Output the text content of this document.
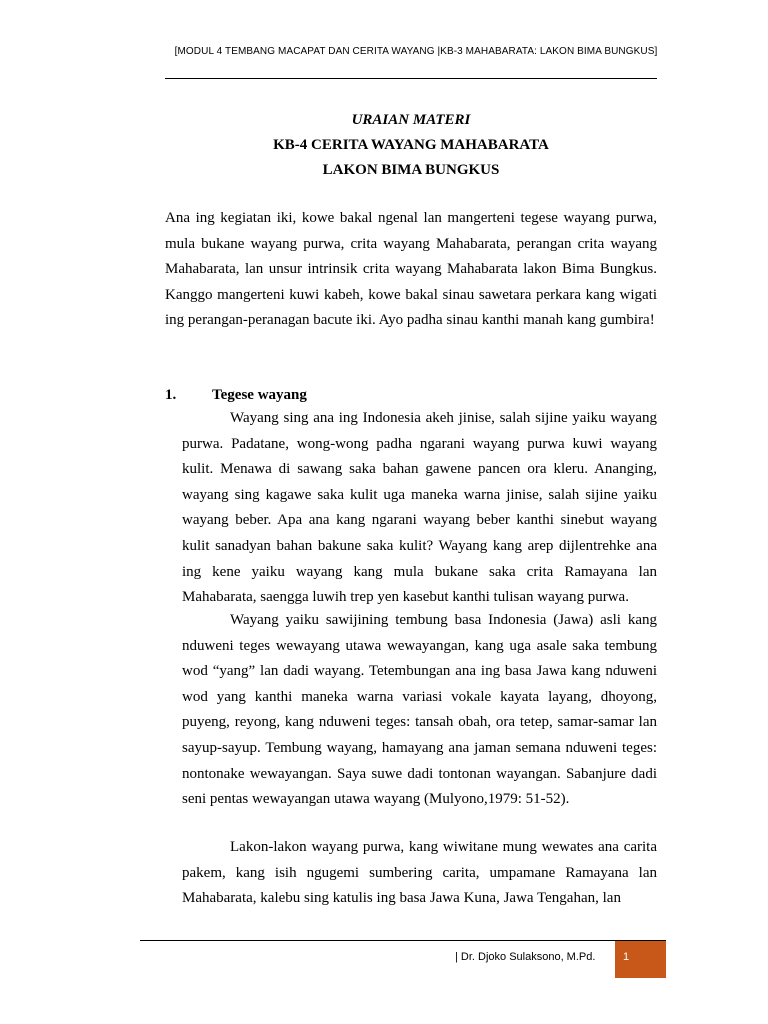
[MODUL 4 TEMBANG MACAPAT DAN CERITA WAYANG |KB-3 MAHABARATA: LAKON BIMA BUNGKUS]
URAIAN MATERI
KB-4 CERITA WAYANG MAHABARATA
LAKON BIMA BUNGKUS

Ana ing kegiatan iki, kowe bakal ngenal lan mangerteni tegese wayang purwa, mula bukane wayang purwa, crita wayang Mahabarata, perangan crita wayang Mahabarata, lan unsur intrinsik crita wayang Mahabarata lakon Bima Bungkus. Kanggo mangerteni kuwi kabeh, kowe bakal sinau sawetara perkara kang wigati ing perangan-peranagan bacute iki. Ayo padha sinau kanthi manah kang gumbira!

1. Tegese wayang

Wayang sing ana ing Indonesia akeh jinise, salah sijine yaiku wayang purwa. Padatane, wong-wong padha ngarani wayang purwa kuwi wayang kulit. Menawa di sawang saka bahan gawene pancen ora kleru. Ananging, wayang sing kagawe saka kulit uga maneka warna jinise, salah sijine yaiku wayang beber. Apa ana kang ngarani wayang beber kanthi sinebut wayang kulit sanadyan bahan bakune saka kulit? Wayang kang arep dijlentrehke ana ing kene yaiku wayang kang mula bukane saka crita Ramayana lan Mahabarata, saengga luwih trep yen kasebut kanthi tulisan wayang purwa.

Wayang yaiku sawijining tembung basa Indonesia (Jawa) asli kang nduweni teges wewayang utawa wewayangan, kang uga asale saka tembung wod “yang” lan dadi wayang. Tetembungan ana ing basa Jawa kang nduweni wod yang kanthi maneka warna variasi vokale kayata layang, dhoyong, puyeng, reyong, kang nduweni teges: tansah obah, ora tetep, samar-samar lan sayup-sayup. Tembung wayang, hamayang ana jaman semana nduweni teges: nontonake wewayangan. Saya suwe dadi tontonan wayangan. Sabanjure dadi seni pentas wewayangan utawa wayang (Mulyono,1979: 51-52).

Lakon-lakon wayang purwa, kang wiwitane mung wewates ana carita pakem, kang isih ngugemi sumbering carita, umpamane Ramayana lan Mahabarata, kalebu sing katulis ing basa Jawa Kuna, Jawa Tengahan, lan

| Dr. Djoko Sulaksono, M.Pd.	1
